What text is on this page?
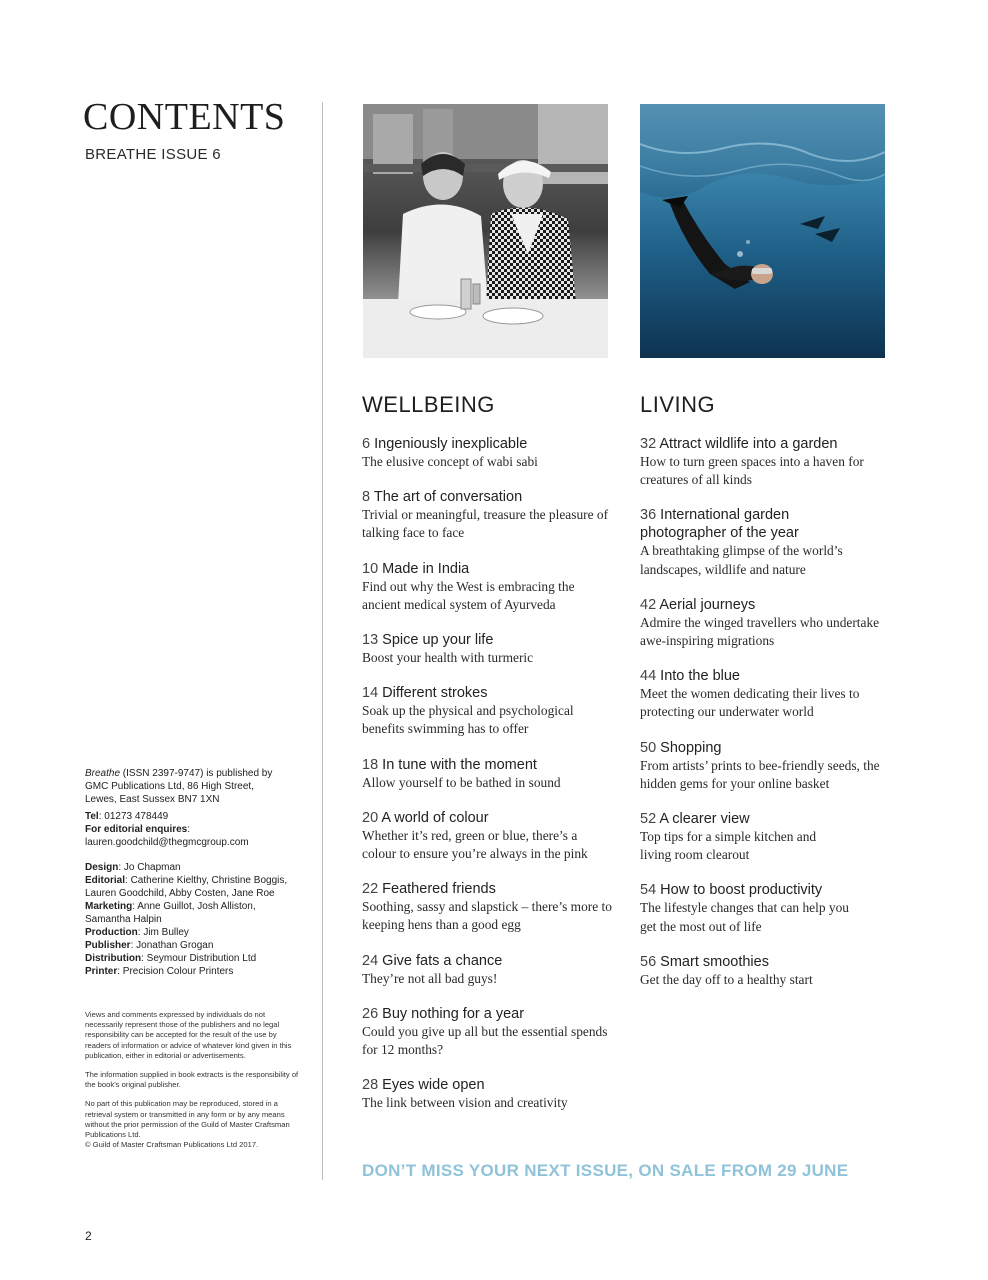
CONTENTS
BREATHE ISSUE 6
Breathe (ISSN 2397-9747) is published by
GMC Publications Ltd, 86 High Street,
Lewes, East Sussex BN7 1XN
Tel: 01273 478449
For editorial enquires:
lauren.goodchild@thegmcgroup.com
Design: Jo Chapman
Editorial: Catherine Kielthy, Christine Boggis, Lauren Goodchild, Abby Costen, Jane Roe
Marketing: Anne Guillot, Josh Alliston, Samantha Halpin
Production: Jim Bulley
Publisher: Jonathan Grogan
Distribution: Seymour Distribution Ltd
Printer: Precision Colour Printers

Views and comments expressed by individuals do not necessarily represent those of the publishers and no legal responsibility can be accepted for the result of the use by readers of information or advice of whatever kind given in this publication, either in editorial or advertisements.

The information supplied in book extracts is the responsibility of the book’s original publisher.

No part of this publication may be reproduced, stored in a retrieval system or transmitted in any form or by any means without the prior permission of the Guild of Master Craftsman Publications Ltd.

© Guild of Master Craftsman Publications Ltd 2017.

2
WELLBEING
6 Ingeniously inexplicable
The elusive concept of wabi sabi
8 The art of conversation
Trivial or meaningful, treasure the pleasure of talking face to face
10 Made in India
Find out why the West is embracing the ancient medical system of Ayurveda
13 Spice up your life
Boost your health with turmeric
14 Different strokes
Soak up the physical and psychological benefits swimming has to offer
18 In tune with the moment
Allow yourself to be bathed in sound
20 A world of colour
Whether it’s red, green or blue, there’s a colour to ensure you’re always in the pink
22 Feathered friends
Soothing, sassy and slapstick – there’s more to keeping hens than a good egg
24 Give fats a chance
They’re not all bad guys!
26 Buy nothing for a year
Could you give up all but the essential spends for 12 months?
28 Eyes wide open
The link between vision and creativity
LIVING
32 Attract wildlife into a garden
How to turn green spaces into a haven for creatures of all kinds
36 International garden photographer of the year
A breathtaking glimpse of the world’s landscapes, wildlife and nature
42 Aerial journeys
Admire the winged travellers who undertake awe-inspiring migrations
44 Into the blue
Meet the women dedicating their lives to protecting our underwater world
50 Shopping
From artists’ prints to bee-friendly seeds, the hidden gems for your online basket
52 A clearer view
Top tips for a simple kitchen and living room clearout
54 How to boost productivity
The lifestyle changes that can help you get the most out of life
56 Smart smoothies
Get the day off to a healthy start
DON’T MISS YOUR NEXT ISSUE, ON SALE FROM 29 JUNE
